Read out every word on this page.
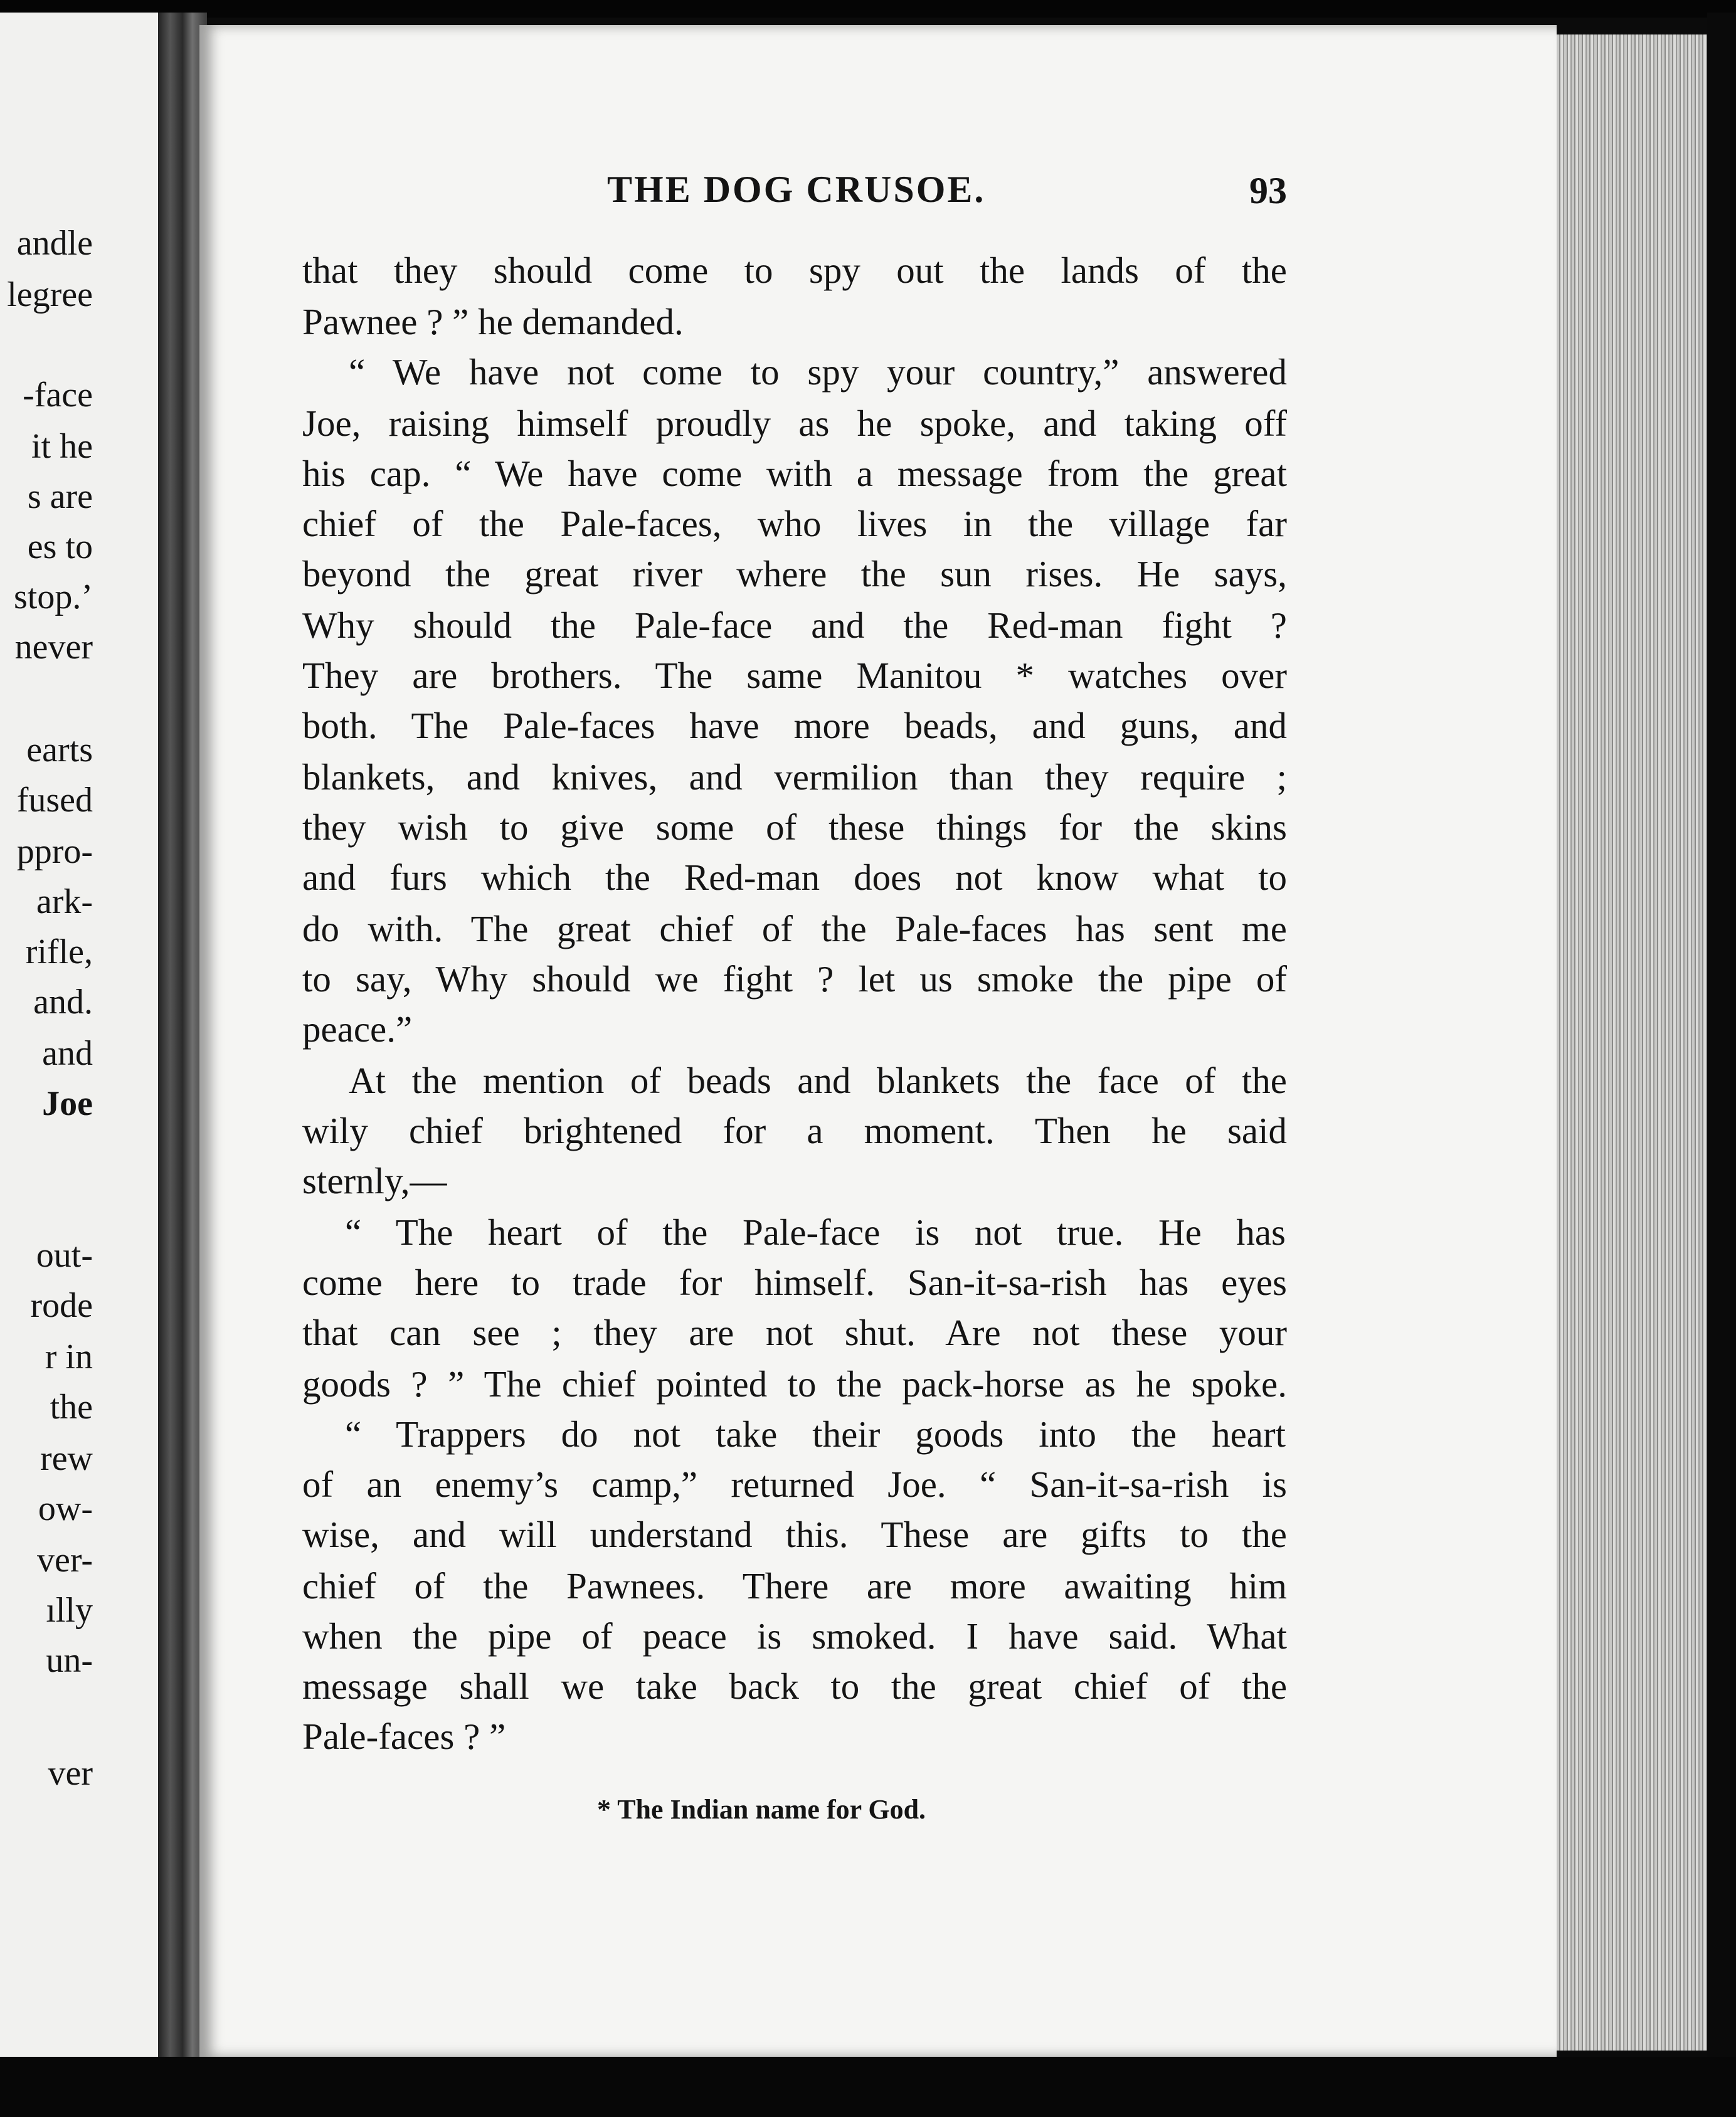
andle
legree
-face
it he
s are
es to
stop.’
never
earts
fused
ppro-
ark-
rifle,
and.
and
Joe
out-
rode
r in
the
rew
ow-
ver-
ılly
un-
ver
THE DOG CRUSOE.	93
that they should come to spy out the lands of the
Pawnee ? ” he demanded.
“ We have not come to spy your country,” answered
Joe, raising himself proudly as he spoke, and taking off
his cap. “ We have come with a message from the great
chief of the Pale-faces, who lives in the village far
beyond the great river where the sun rises. He says,
Why should the Pale-face and the Red-man fight ?
They are brothers. The same Manitou * watches over
both. The Pale-faces have more beads, and guns, and
blankets, and knives, and vermilion than they require ;
they wish to give some of these things for the skins
and furs which the Red-man does not know what to
do with. The great chief of the Pale-faces has sent me
to say, Why should we fight ? let us smoke the pipe of
peace.”
At the mention of beads and blankets the face of the
wily chief brightened for a moment. Then he said
sternly,—
“ The heart of the Pale-face is not true. He has
come here to trade for himself. San-it-sa-rish has eyes
that can see ; they are not shut. Are not these your
goods ? ” The chief pointed to the pack-horse as he spoke.
“ Trappers do not take their goods into the heart
of an enemy’s camp,” returned Joe. “ San-it-sa-rish is
wise, and will understand this. These are gifts to the
chief of the Pawnees. There are more awaiting him
when the pipe of peace is smoked. I have said. What
message shall we take back to the great chief of the
Pale-faces ? ”
* The Indian name for God.
